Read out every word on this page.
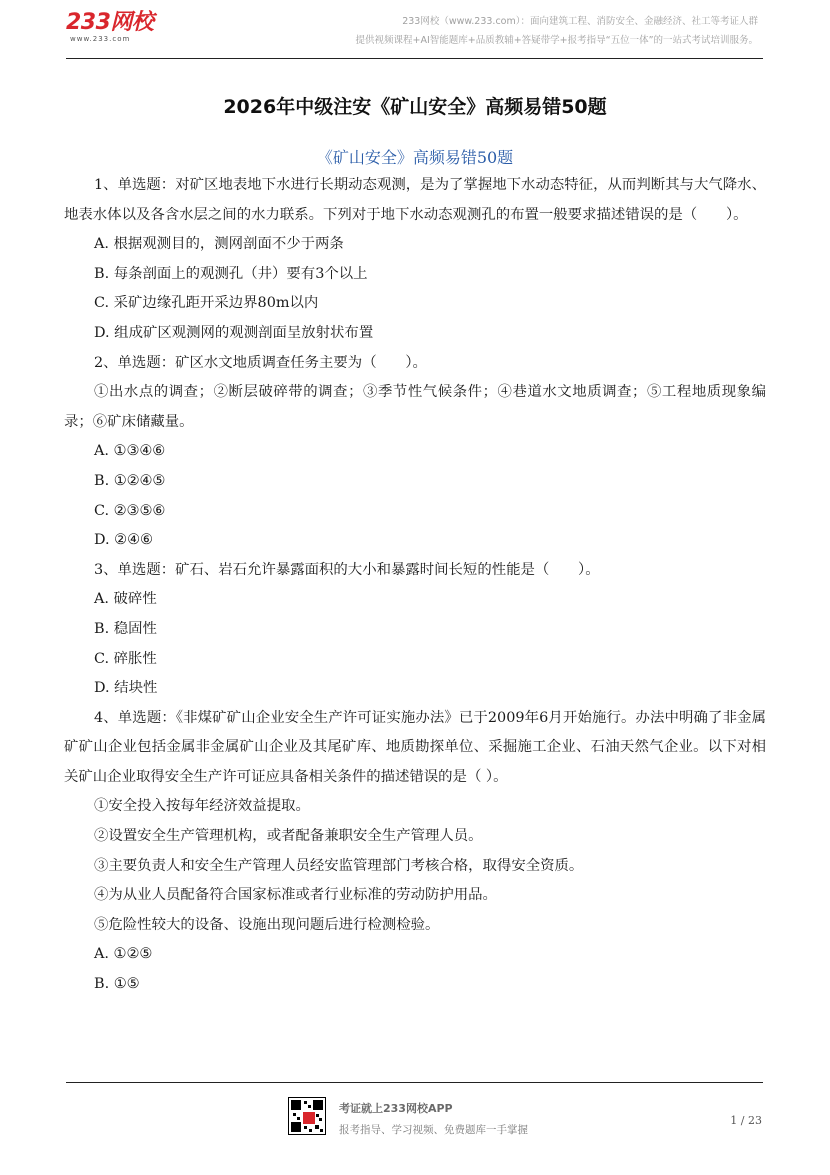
233网校
www.233.com
233网校（www.233.com）：面向建筑工程、消防安全、金融经济、社工等考证人群
提供视频课程+AI智能题库+品质教辅+答疑带学+报考指导“五位一体”的一站式考试培训服务。
2026年中级注安《矿山安全》高频易错50题
《矿山安全》高频易错50题

1、单选题：对矿区地表地下水进行长期动态观测，是为了掌握地下水动态特征，从而判断其与大气降水、地表水体以及各含水层之间的水力联系。下列对于地下水动态观测孔的布置一般要求描述错误的是（　　）。

A. 根据观测目的，测网剖面不少于两条

B. 每条剖面上的观测孔（井）要有3个以上

C. 采矿边缘孔距开采边界80m以内

D. 组成矿区观测网的观测剖面呈放射状布置

2、单选题：矿区水文地质调查任务主要为（　　）。

①出水点的调查；②断层破碎带的调查；③季节性气候条件；④巷道水文地质调查；⑤工程地质现象编录；⑥矿床储藏量。

A. ①③④⑥

B. ①②④⑤

C. ②③⑤⑥

D. ②④⑥

3、单选题：矿石、岩石允许暴露面积的大小和暴露时间长短的性能是（　　）。

A. 破碎性

B. 稳固性

C. 碎胀性

D. 结块性

4、单选题：《非煤矿矿山企业安全生产许可证实施办法》已于2009年6月开始施行。办法中明确了非金属矿矿山企业包括金属非金属矿山企业及其尾矿库、地质勘探单位、采掘施工企业、石油天然气企业。以下对相关矿山企业取得安全生产许可证应具备相关条件的描述错误的是（ ）。

①安全投入按每年经济效益提取。

②设置安全生产管理机构，或者配备兼职安全生产管理人员。

③主要负责人和安全生产管理人员经安监管理部门考核合格，取得安全资质。

④为从业人员配备符合国家标准或者行业标准的劳动防护用品。

⑤危险性较大的设备、设施出现问题后进行检测检验。

A. ①②⑤

B. ①⑤

考证就上233网校APP
报考指导、学习视频、免费题库一手掌握
1 / 23
